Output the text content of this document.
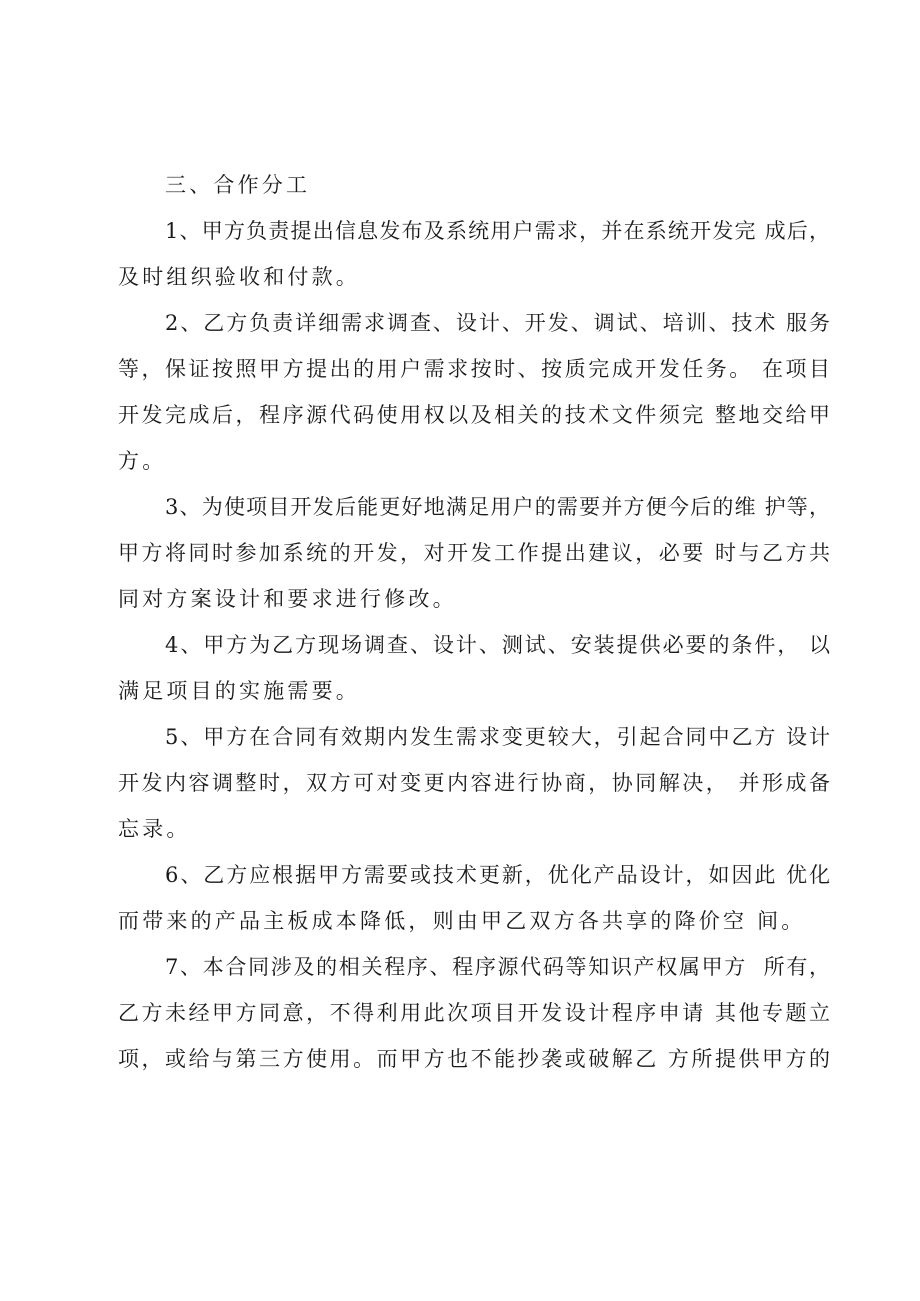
三、合作分工

1、甲方负责提出信息发布及系统用户需求，并在系统开发完 成后，
及时组织验收和付款。

2、乙方负责详细需求调查、设计、开发、调试、培训、技术 服务
等，保证按照甲方提出的用户需求按时、按质完成开发任务。 在项目
开发完成后，程序源代码使用权以及相关的技术文件须完 整地交给甲
方。

3、为使项目开发后能更好地满足用户的需要并方便今后的维 护等，
甲方将同时参加系统的开发，对开发工作提出建议，必要 时与乙方共
同对方案设计和要求进行修改。

4、甲方为乙方现场调查、设计、测试、安装提供必要的条件， 以
满足项目的实施需要。

5、甲方在合同有效期内发生需求变更较大，引起合同中乙方 设计
开发内容调整时，双方可对变更内容进行协商，协同解决， 并形成备
忘录。

6、乙方应根据甲方需要或技术更新，优化产品设计，如因此 优化
而带来的产品主板成本降低，则由甲乙双方各共享的降价空 间。

7、本合同涉及的相关程序、程序源代码等知识产权属甲方  所有，
乙方未经甲方同意，不得利用此次项目开发设计程序申请 其他专题立
项，或给与第三方使用。而甲方也不能抄袭或破解乙 方所提供甲方的
